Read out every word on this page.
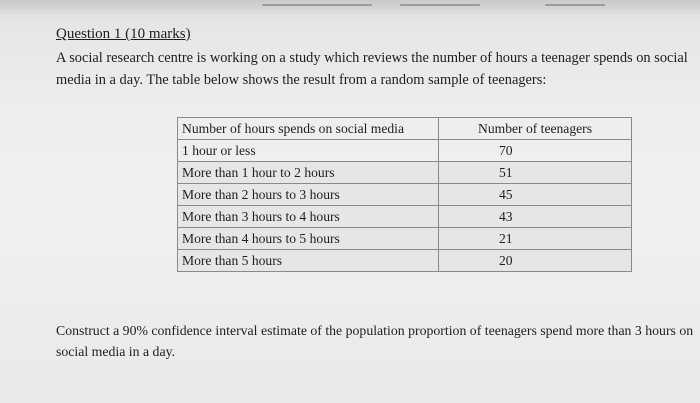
Question 1 (10 marks)
A social research centre is working on a study which reviews the number of hours a teenager spends on social media in a day. The table below shows the result from a random sample of teenagers:
Number of hours spends on social media	Number of teenagers
1 hour or less	70
More than 1 hour to 2 hours	51
More than 2 hours to 3 hours	45
More than 3 hours to 4 hours	43
More than 4 hours to 5 hours	21
More than 5 hours	20
Construct a 90% confidence interval estimate of the population proportion of teenagers spend more than 3 hours on social media in a day.
